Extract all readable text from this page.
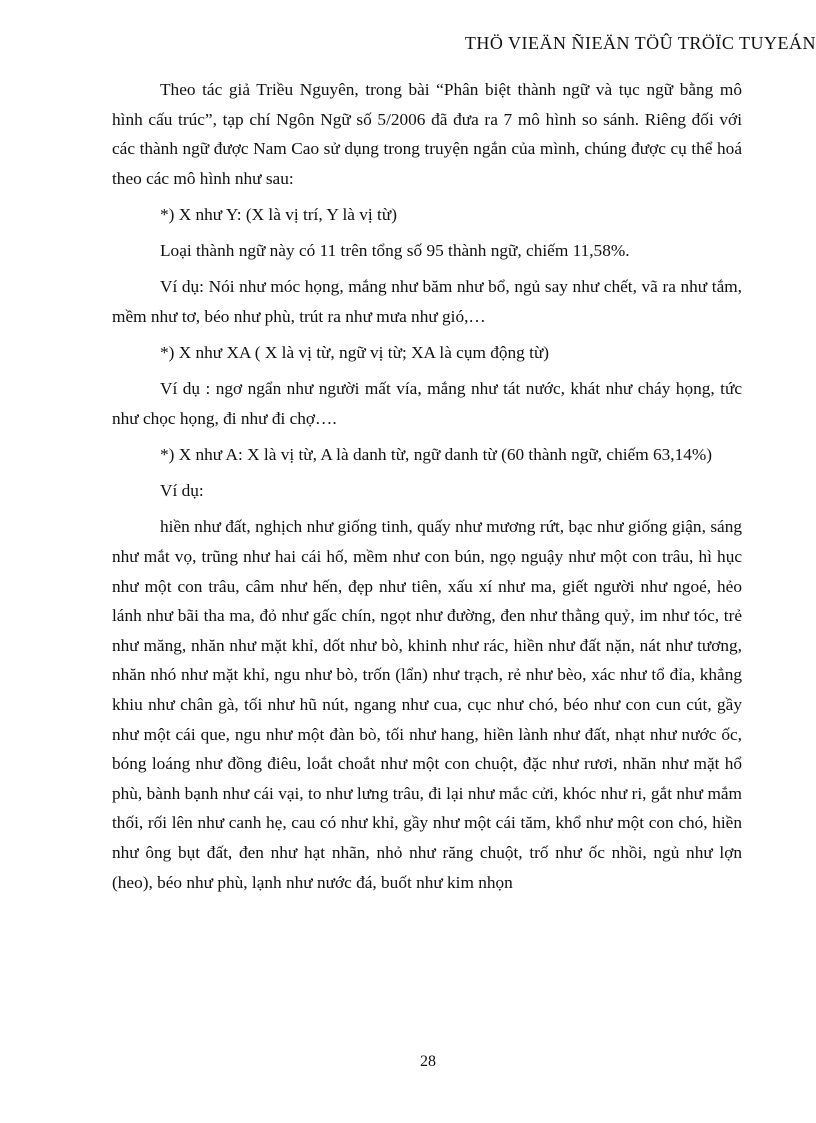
THÖ VIEÄN ÑIEÄN TÖÛ TRÖÏC TUYEÁN

Theo tác giả Triều Nguyên, trong bài “Phân biệt thành ngữ và tục ngữ bằng mô hình cấu trúc”, tạp chí Ngôn Ngữ số 5/2006 đã đưa ra 7 mô hình so sánh. Riêng đối với các thành ngữ được Nam Cao sử dụng trong truyện ngắn của mình, chúng được cụ thể hoá theo các mô hình như sau:

*) X như Y: (X là vị trí, Y là vị từ)

Loại thành ngữ này có 11 trên tổng số 95 thành ngữ, chiếm 11,58%.

Ví dụ: Nói như móc họng, mắng như băm như bổ, ngủ say như chết, vã ra như tắm, mềm như tơ, béo như phù, trút ra như mưa như gió,…

*) X như XA ( X là vị từ, ngữ vị từ; XA là cụm động từ)

Ví dụ : ngơ ngẩn như người mất vía, mắng như tát nước, khát như cháy họng, tức như chọc họng, đi như đi chợ….

*) X như A: X là vị từ, A là danh từ, ngữ danh từ (60 thành ngữ, chiếm 63,14%)

Ví dụ:

hiền như đất, nghịch như giống tinh, quấy như mương rứt, bạc như giống giận, sáng như mắt vọ, trũng như hai cái hố, mềm như con bún, ngọ nguậy như một con trâu, hì hục như một con trâu, câm như hến, đẹp như tiên, xấu xí như ma, giết người như ngoé, hẻo lánh như bãi tha ma, đỏ như gấc chín, ngọt như đường, đen như thằng quỷ, im như tóc, trẻ như măng, nhăn như mặt khỉ, dốt như bò, khinh như rác, hiền như đất nặn, nát như tương, nhăn nhó như mặt khỉ, ngu như bò, trốn (lẩn) như trạch, rẻ như bèo, xác như tổ đỉa, khẳng khiu như chân gà, tối như hũ nút, ngang như cua, cục như chó, béo như con cun cút, gầy như một cái que, ngu như một đàn bò, tối như hang, hiền lành như đất, nhạt như nước ốc, bóng loáng như đồng điêu, loắt choắt như một con chuột, đặc như rươi, nhăn như mặt hổ phù, bành bạnh như cái vại, to như lưng trâu, đi lại như mắc cửi, khóc như ri, gắt như mắm thối, rối lên như canh hẹ, cau có như khỉ, gầy như một cái tăm, khổ như một con chó, hiền như ông bụt đất, đen như hạt nhãn, nhỏ như răng chuột, trố như ốc nhồi, ngủ như lợn (heo), béo như phù, lạnh như nước đá, buốt như kim nhọn

28
